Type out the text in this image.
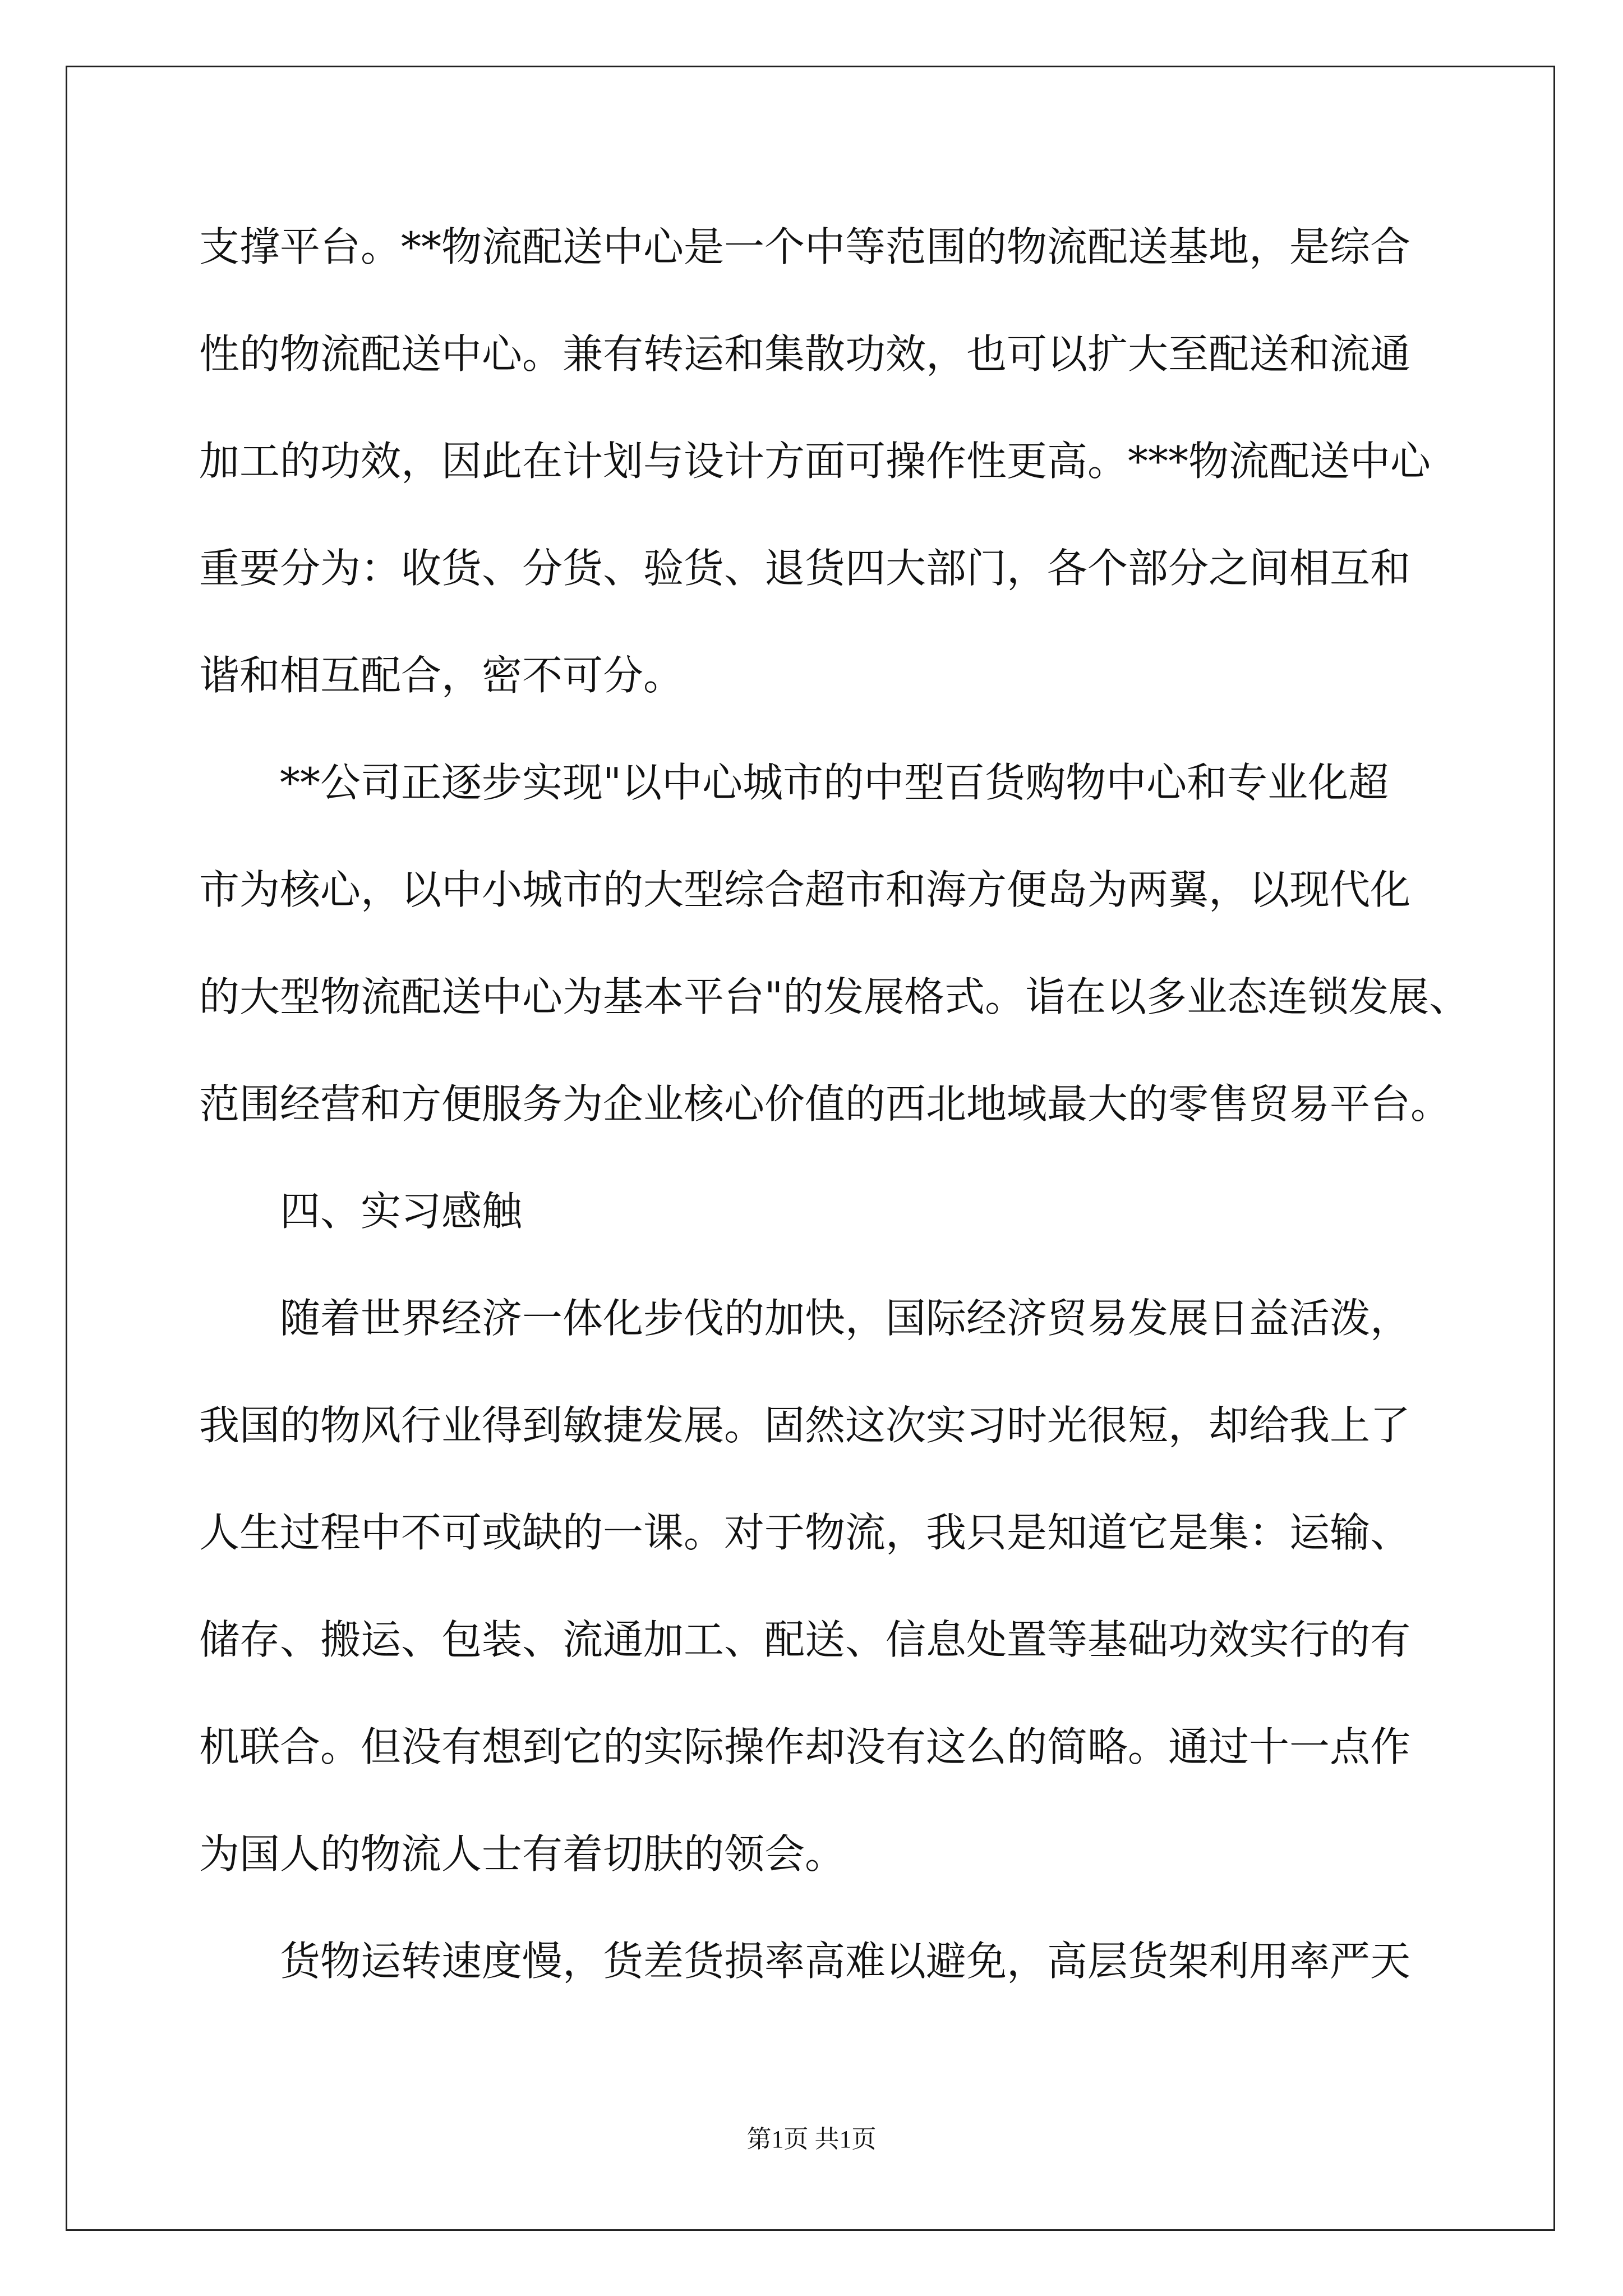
支撑平台。**物流配送中心是一个中等范围的物流配送基地，是综合
性的物流配送中心。兼有转运和集散功效，也可以扩大至配送和流通
加工的功效，因此在计划与设计方面可操作性更高。***物流配送中心
重要分为：收货、分货、验货、退货四大部门，各个部分之间相互和
谐和相互配合，密不可分。
**公司正逐步实现"以中心城市的中型百货购物中心和专业化超
市为核心，以中小城市的大型综合超市和海方便岛为两翼，以现代化
的大型物流配送中心为基本平台"的发展格式。诣在以多业态连锁发展、
范围经营和方便服务为企业核心价值的西北地域最大的零售贸易平台。
四、实习感触
随着世界经济一体化步伐的加快，国际经济贸易发展日益活泼，
我国的物风行业得到敏捷发展。固然这次实习时光很短，却给我上了
人生过程中不可或缺的一课。对于物流，我只是知道它是集：运输、
储存、搬运、包装、流通加工、配送、信息处置等基础功效实行的有
机联合。但没有想到它的实际操作却没有这么的简略。通过十一点作
为国人的物流人士有着切肤的领会。
货物运转速度慢，货差货损率高难以避免，高层货架利用率严天
第1页 共1页
